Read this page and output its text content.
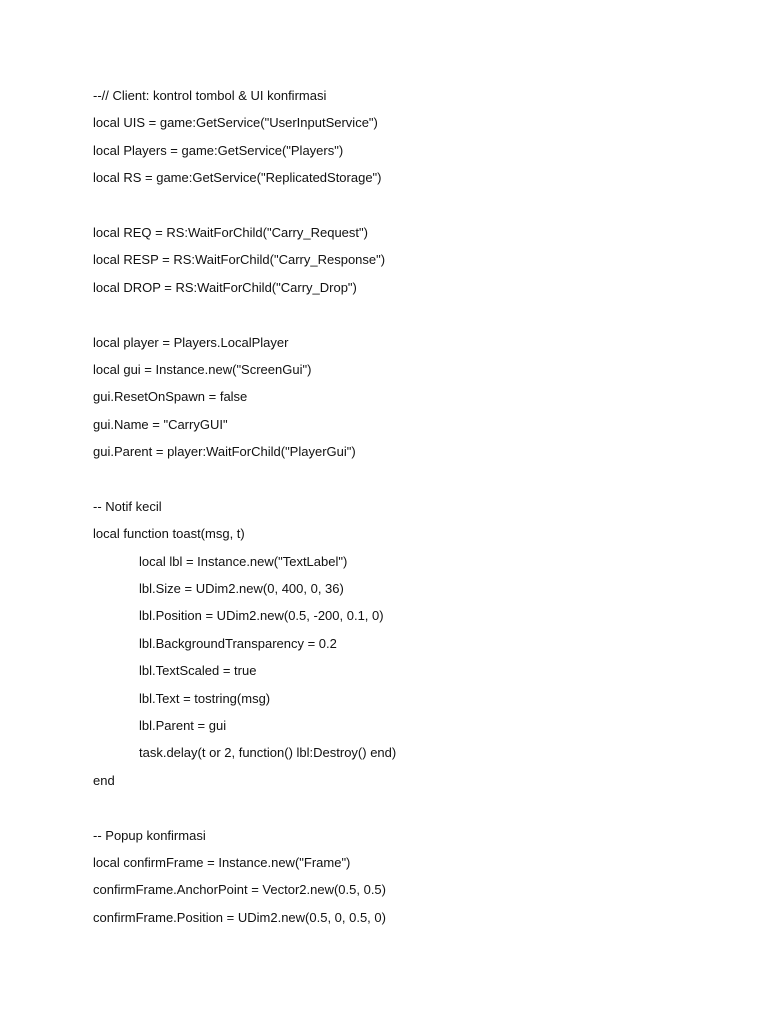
--// Client: kontrol tombol & UI konfirmasi
local UIS = game:GetService("UserInputService")
local Players = game:GetService("Players")
local RS = game:GetService("ReplicatedStorage")
local REQ = RS:WaitForChild("Carry_Request")
local RESP = RS:WaitForChild("Carry_Response")
local DROP = RS:WaitForChild("Carry_Drop")
local player = Players.LocalPlayer
local gui = Instance.new("ScreenGui")
gui.ResetOnSpawn = false
gui.Name = "CarryGUI"
gui.Parent = player:WaitForChild("PlayerGui")
-- Notif kecil
local function toast(msg, t)
local lbl = Instance.new("TextLabel")
lbl.Size = UDim2.new(0, 400, 0, 36)
lbl.Position = UDim2.new(0.5, -200, 0.1, 0)
lbl.BackgroundTransparency = 0.2
lbl.TextScaled = true
lbl.Text = tostring(msg)
lbl.Parent = gui
task.delay(t or 2, function() lbl:Destroy() end)
end
-- Popup konfirmasi
local confirmFrame = Instance.new("Frame")
confirmFrame.AnchorPoint = Vector2.new(0.5, 0.5)
confirmFrame.Position = UDim2.new(0.5, 0, 0.5, 0)
